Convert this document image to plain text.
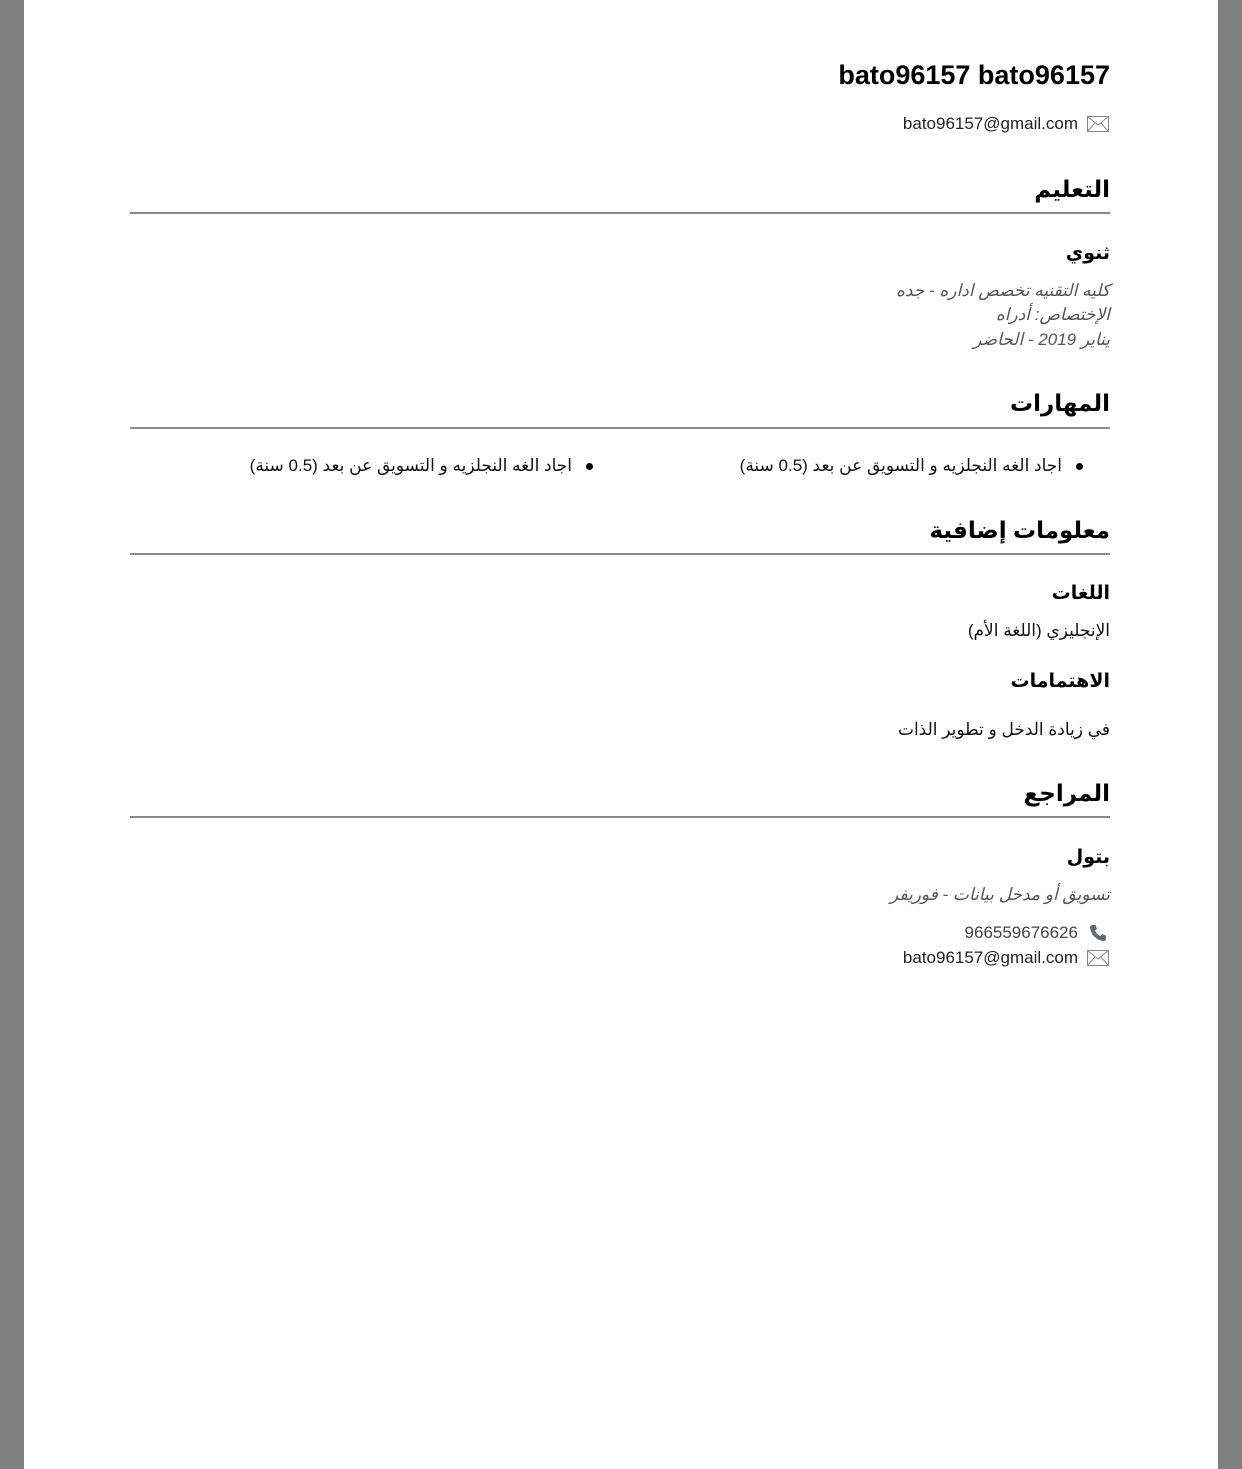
bato96157 bato96157
bato96157@gmail.com
التعليم
ثنوي
كليه التقنيه تخصص اداره - جده
الإختصاص: أدراه
يناير 2019 - الحاضر
المهارات
اجاد الغه النجلزيه و التسويق عن بعد (0.5 سنة)
اجاد الغه النجلزيه و التسويق عن بعد (0.5 سنة)
معلومات إضافية
اللغات
الإنجليزي (اللغة الأم)
الاهتمامات
في زيادة الدخل و تطوير الذات
المراجع
بتول
تسويق أو مدخل بيانات - فوريفر
966559676626
bato96157@gmail.com
